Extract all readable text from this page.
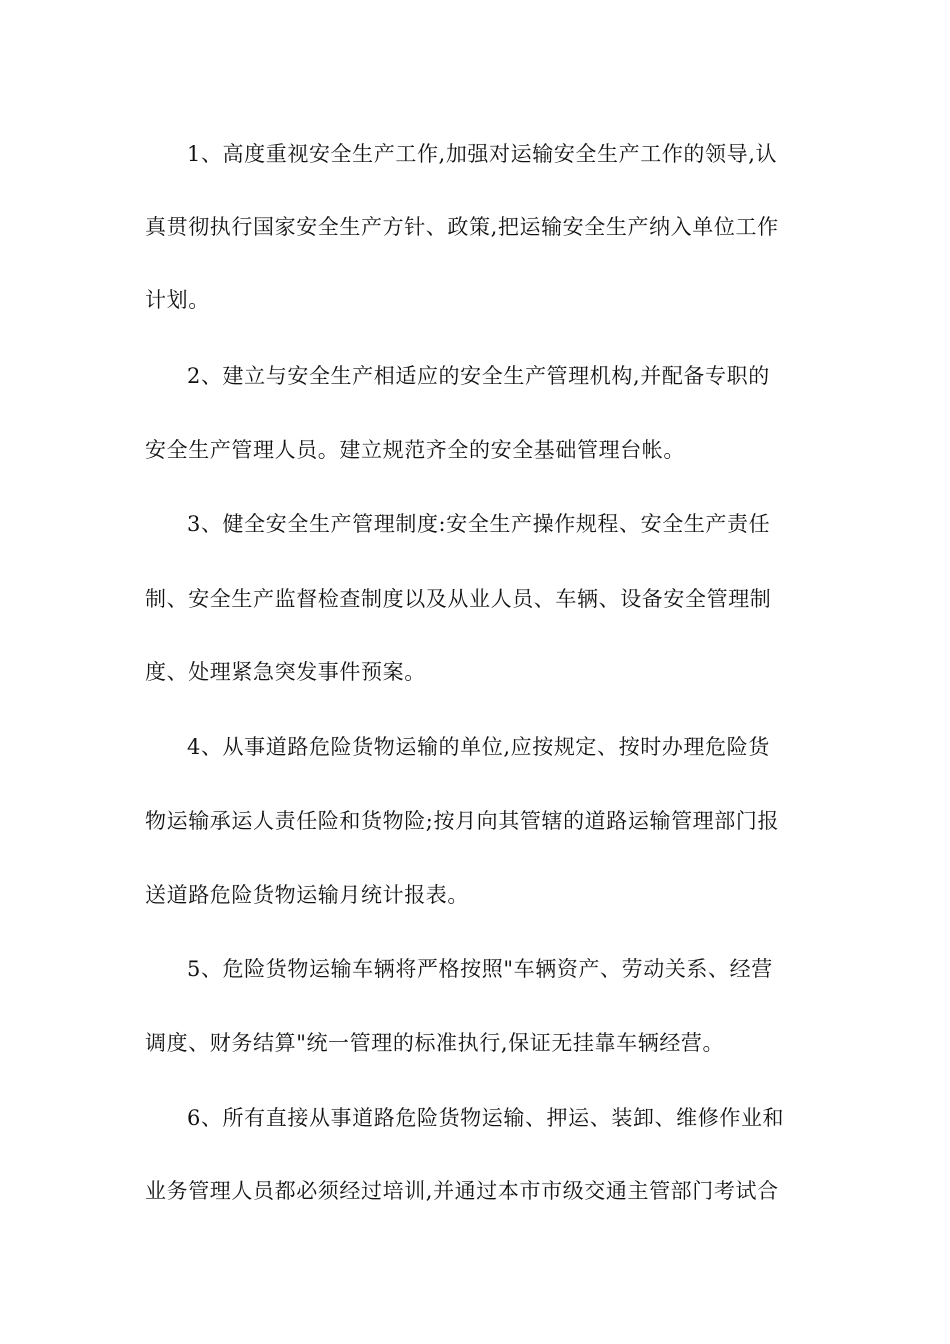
1、高度重视安全生产工作,加强对运输安全生产工作的领导,认
真贯彻执行国家安全生产方针、政策,把运输安全生产纳入单位工作
计划。
2、建立与安全生产相适应的安全生产管理机构,并配备专职的
安全生产管理人员。建立规范齐全的安全基础管理台帐。
3、健全安全生产管理制度:安全生产操作规程、安全生产责任
制、安全生产监督检查制度以及从业人员、车辆、设备安全管理制
度、处理紧急突发事件预案。
4、从事道路危险货物运输的单位,应按规定、按时办理危险货
物运输承运人责任险和货物险;按月向其管辖的道路运输管理部门报
送道路危险货物运输月统计报表。
5、危险货物运输车辆将严格按照"车辆资产、劳动关系、经营
调度、财务结算"统一管理的标准执行,保证无挂靠车辆经营。
6、所有直接从事道路危险货物运输、押运、装卸、维修作业和
业务管理人员都必须经过培训,并通过本市市级交通主管部门考试合
